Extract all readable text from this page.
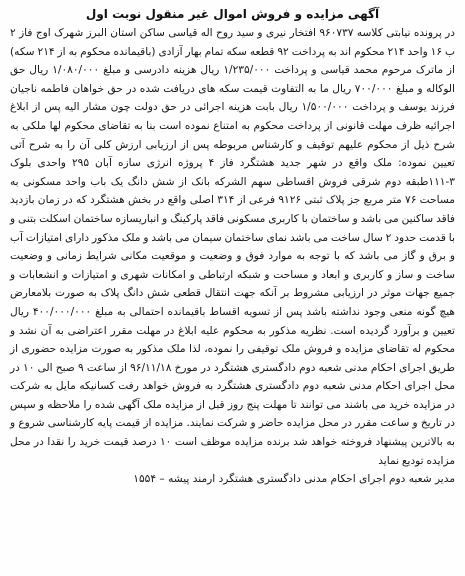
آگهی مزایده و فروش اموال غیر منقول نوبت اول

در پرونده نیابتی کلاسه ۹۶۰۷۳۷ افتخار نیری و سید روح اله قیاسی ساکن استان البرز شهرک اوج فاز ۲ ب ۱۶ واحد ۲۱۴ محکوم اند به پرداخت ۹۲ قطعه سکه تمام بهار آزادی (باقیمانده محکوم به از ۲۱۴ سکه) از ماترک مرحوم محمد قیاسی و پرداخت ۱/۲۳۵/۰۰۰ ریال هزینه دادرسی و مبلغ ۱/۰۸۰/۰۰۰ ریال حق الوکاله و مبلغ ۷۰۰/۰۰۰ ریال ما به التفاوت قیمت سکه های دریافت شده در حق خواهان فاطمه ناجیان فرزند یوسف و پرداخت ۱/۵۰۰/۰۰۰ ریال بابت هزینه اجرائی در حق دولت چون مشار الیه پس از ابلاغ اجرائیه ظرف مهلت قانونی از پرداخت محکوم به امتناع نموده است بنا به تقاضای محکوم لها ملکی به شرح ذیل از محکوم علیهم توقیف و کارشناس مربوطه پس از ارزیابی ارزش کلی آن را به شرح آتی تعیین نموده: ملک واقع در شهر جدید هشتگرد فاز ۴ پروژه انرژی سازه آبان ۲۹۵ واحدی بلوک ۳-۱۱۱طبقه دوم شرقی فروش اقساطی سهم الشرکه بانک از شش دانگ یک باب واحد مسکونی به مساحت ۷۶ متر مربع جز پلاک ثبتی ۹۱۲۶ فرعی از ۳۱۴ اصلی واقع در بخش هشتگرد که در زمان بازدید فاقد ساکنین می باشد و ساختمان با کاربری مسکونی فاقد پارکینگ و انباریسازه ساختمان اسکلت بتنی و با قدمت حدود ۲ سال ساخت می باشد نمای ساختمان سیمان می باشد و ملک مذکور دارای امتیازات آب و برق و گاز می باشد که با توجه به موارد فوق و وضعیت و موقعیت مکانی شرایط زمانی و وضعیت ساخت و ساز و کاربری و ابعاد و مساحت و شبکه ارتباطی و امکانات شهری و امتیازات و انشعابات و جمیع جهات موثر در ارزیابی مشروط بر آنکه جهت انتقال قطعی شش دانگ پلاک به صورت بلامعارض هیچ گونه منعی وجود نداشته باشد پس از تسویه اقساط باقیمانده احتمالی به مبلغ ۴۰۰/۰۰۰/۰۰۰ ریال تعیین و برآورد گردیده است. نظریه مذکور به محکوم علیه ابلاغ در مهلت مقرر اعتراضی به آن نشد و محکوم له تقاضای مزایده و فروش ملک توقیفی را نموده، لذا ملک مذکور به صورت مزایده حضوری از طریق اجرای احکام مدنی شعبه دوم دادگستری هشتگرد در مورخ ۹۶/۱۱/۱۸ از ساعت ۹ صبح الی ۱۰ در محل اجرای احکام مدنی شعبه دوم دادگستری هشتگرد به فروش خواهد رفت کسانیکه مایل به شرکت در مزایده خرید می باشند می توانند تا مهلت پنج روز قبل از مزایده ملک آگهی شده را ملاحظه و سپس در تاریخ و ساعت مقرر در محل مزایده حاضر و شرکت نمایند. مزایده از قیمت پایه کارشناسی شروع و به بالاترین پیشنهاد فروخته خواهد شد برنده مزایده موظف است ۱۰ درصد قیمت خرید را نقدا در محل مزایده تودیع نماید

مدیر شعبه دوم اجرای احکام مدنی دادگستری هشتگرد ارمند پیشه – ۱۵۵۴
